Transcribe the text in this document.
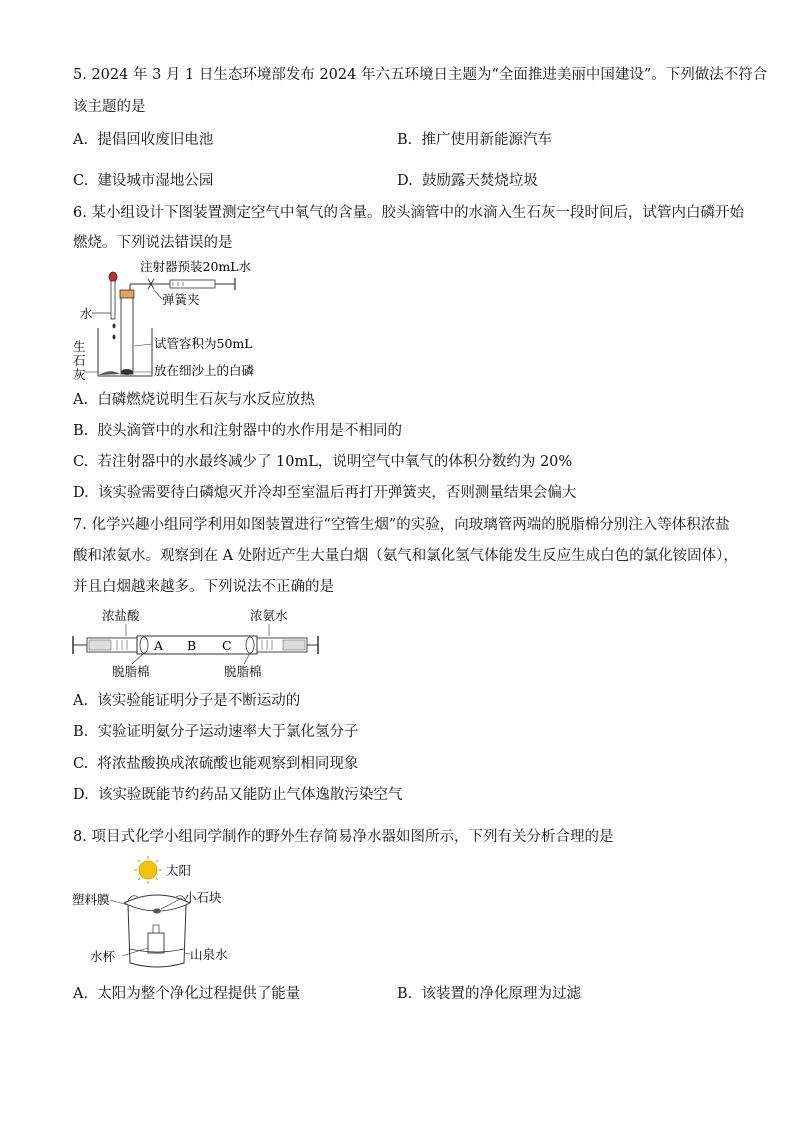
5. 2024 年 3 月 1 日生态环境部发布 2024 年六五环境日主题为“全面推进美丽中国建设”。下列做法不符合
该主题的是
A. 提倡回收废旧电池	B. 推广使用新能源汽车
C. 建设城市湿地公园	D. 鼓励露天焚烧垃圾
6. 某小组设计下图装置测定空气中氧气的含量。胶头滴管中的水滴入生石灰一段时间后，试管内白磷开始
燃烧。下列说法错误的是
注射器预装20mL水
弹簧夹
水
生
石
灰
试管容积为50mL
放在细沙上的白磷
A. 白磷燃烧说明生石灰与水反应放热
B. 胶头滴管中的水和注射器中的水作用是不相同的
C. 若注射器中的水最终减少了 10mL，说明空气中氧气的体积分数约为 20%
D. 该实验需要待白磷熄灭并冷却至室温后再打开弹簧夹，否则测量结果会偏大
7. 化学兴趣小组同学利用如图装置进行“空管生烟”的实验，向玻璃管两端的脱脂棉分别注入等体积浓盐
酸和浓氨水。观察到在 A 处附近产生大量白烟（氨气和氯化氢气体能发生反应生成白色的氯化铵固体），
并且白烟越来越多。下列说法不正确的是
浓盐酸	浓氨水
A B C
脱脂棉	脱脂棉
A. 该实验能证明分子是不断运动的
B. 实验证明氨分子运动速率大于氯化氢分子
C. 将浓盐酸换成浓硫酸也能观察到相同现象
D. 该实验既能节约药品又能防止气体逸散污染空气
8. 项目式化学小组同学制作的野外生存简易净水器如图所示，下列有关分析合理的是
太阳
塑料膜	小石块
水杯	山泉水
A. 太阳为整个净化过程提供了能量	B. 该装置的净化原理为过滤
